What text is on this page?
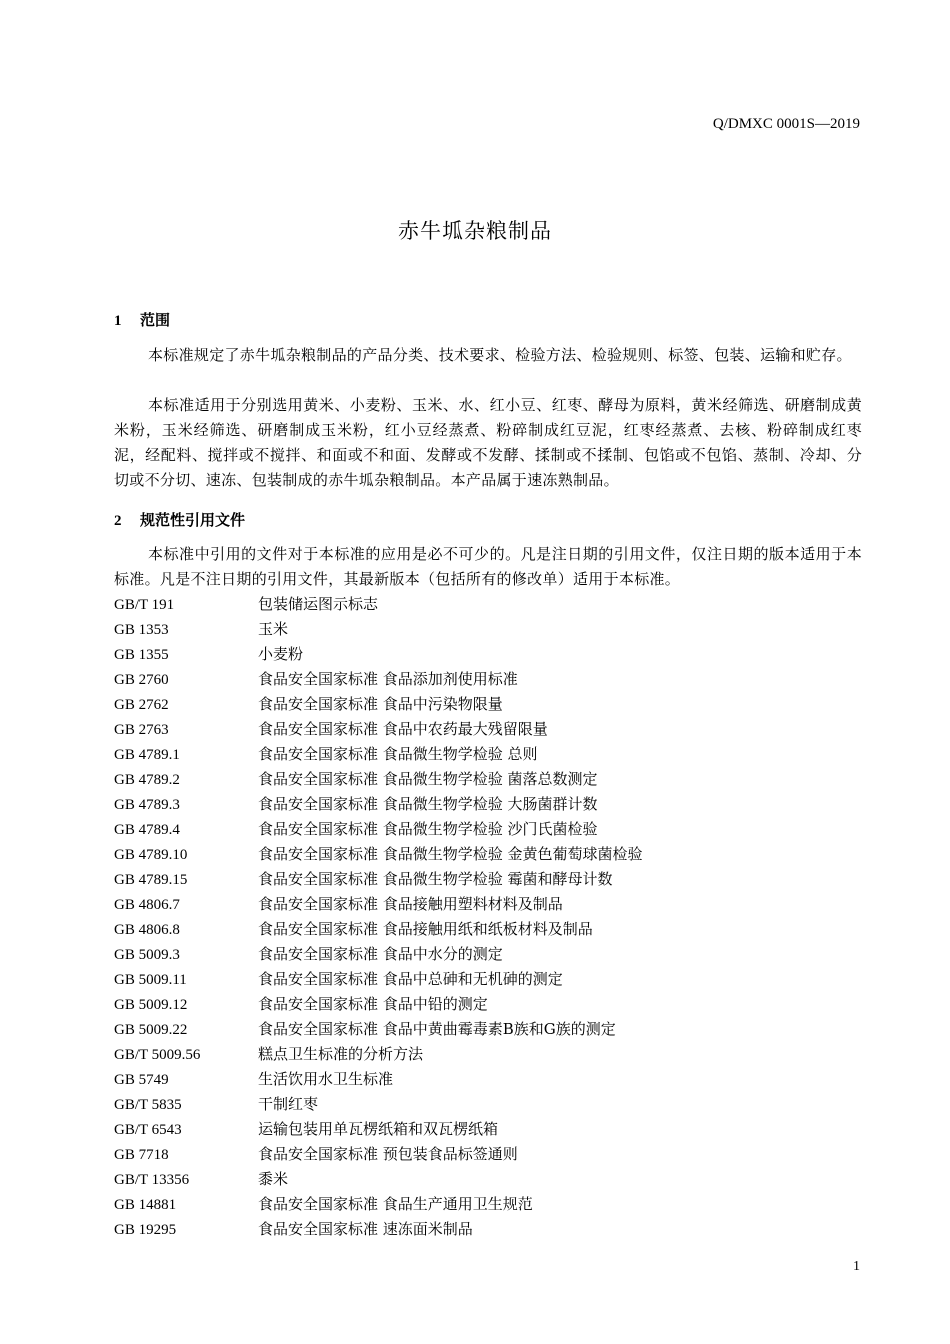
Q/DMXC 0001S—2019
赤牛坬杂粮制品
1 范围
本标准规定了赤牛坬杂粮制品的产品分类、技术要求、检验方法、检验规则、标签、包装、运输和贮存。
本标准适用于分别选用黄米、小麦粉、玉米、水、红小豆、红枣、酵母为原料，黄米经筛选、研磨制成黄米粉，玉米经筛选、研磨制成玉米粉，红小豆经蒸煮、粉碎制成红豆泥，红枣经蒸煮、去核、粉碎制成红枣泥，经配料、搅拌或不搅拌、和面或不和面、发酵或不发酵、揉制或不揉制、包馅或不包馅、蒸制、冷却、分切或不分切、速冻、包装制成的赤牛坬杂粮制品。本产品属于速冻熟制品。
2 规范性引用文件
本标准中引用的文件对于本标准的应用是必不可少的。凡是注日期的引用文件，仅注日期的版本适用于本标准。凡是不注日期的引用文件，其最新版本（包括所有的修改单）适用于本标准。
GB/T 191	包装储运图示标志
GB 1353	玉米
GB 1355	小麦粉
GB 2760	食品安全国家标准 食品添加剂使用标准
GB 2762	食品安全国家标准 食品中污染物限量
GB 2763	食品安全国家标准 食品中农药最大残留限量
GB 4789.1	食品安全国家标准 食品微生物学检验 总则
GB 4789.2	食品安全国家标准 食品微生物学检验 菌落总数测定
GB 4789.3	食品安全国家标准 食品微生物学检验 大肠菌群计数
GB 4789.4	食品安全国家标准 食品微生物学检验 沙门氏菌检验
GB 4789.10	食品安全国家标准 食品微生物学检验 金黄色葡萄球菌检验
GB 4789.15	食品安全国家标准 食品微生物学检验 霉菌和酵母计数
GB 4806.7	食品安全国家标准 食品接触用塑料材料及制品
GB 4806.8	食品安全国家标准 食品接触用纸和纸板材料及制品
GB 5009.3	食品安全国家标准 食品中水分的测定
GB 5009.11	食品安全国家标准 食品中总砷和无机砷的测定
GB 5009.12	食品安全国家标准 食品中铅的测定
GB 5009.22	食品安全国家标准 食品中黄曲霉毒素B族和G族的测定
GB/T 5009.56	糕点卫生标准的分析方法
GB 5749	生活饮用水卫生标准
GB/T 5835	干制红枣
GB/T 6543	运输包装用单瓦楞纸箱和双瓦楞纸箱
GB 7718	食品安全国家标准 预包装食品标签通则
GB/T 13356	黍米
GB 14881	食品安全国家标准 食品生产通用卫生规范
GB 19295	食品安全国家标准 速冻面米制品
1
